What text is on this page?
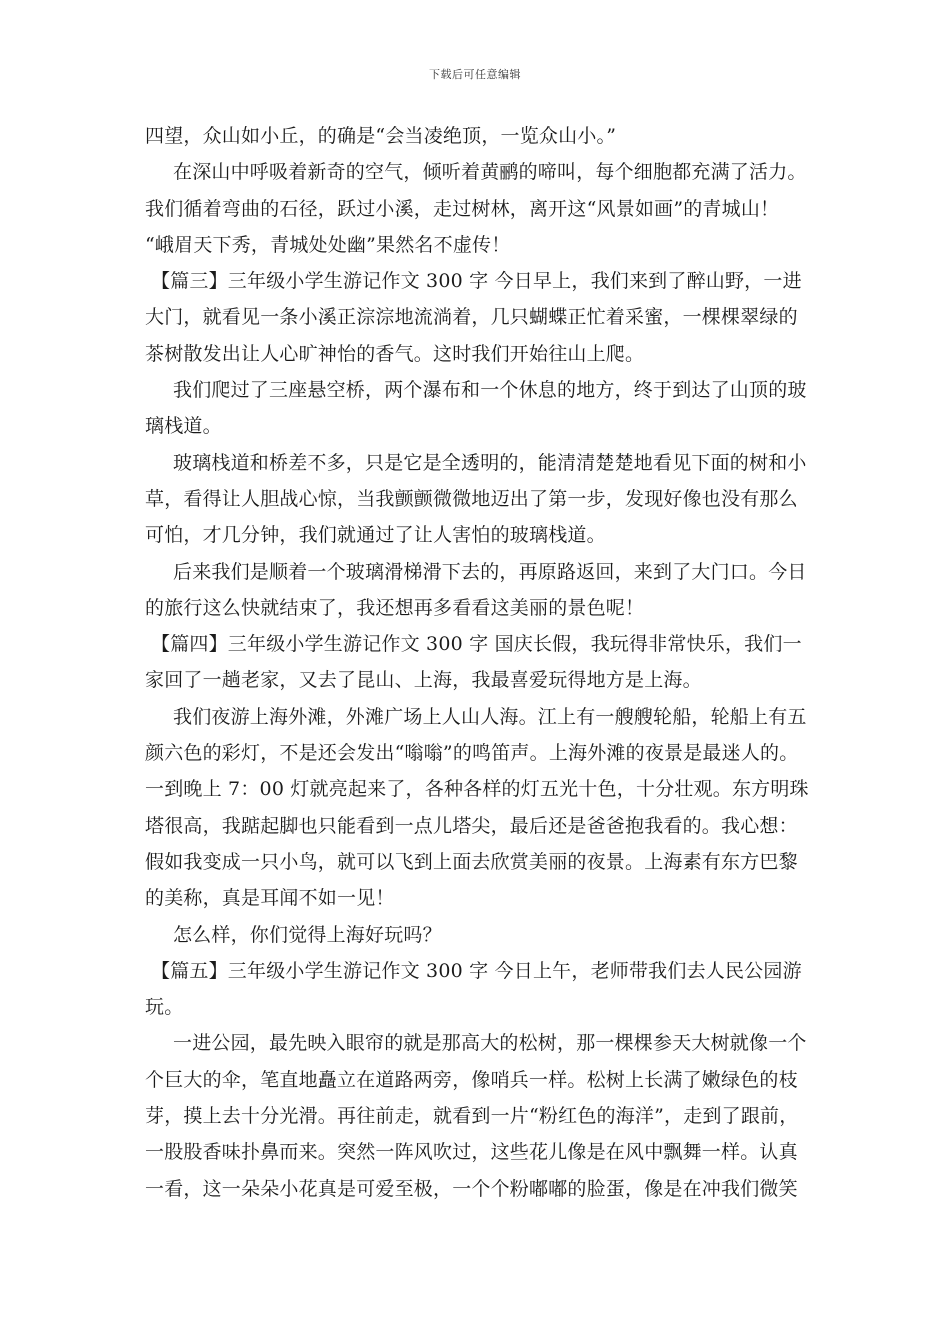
下载后可任意编辑
四望，众山如小丘，的确是“会当凌绝顶，一览众山小。”
在深山中呼吸着新奇的空气，倾听着黄鹂的啼叫，每个细胞都充满了活力。
我们循着弯曲的石径，跃过小溪，走过树林，离开这“风景如画”的青城山！
“峨眉天下秀，青城处处幽”果然名不虚传！
【篇三】三年级小学生游记作文 300 字 今日早上，我们来到了醉山野，一进
大门，就看见一条小溪正淙淙地流淌着，几只蝴蝶正忙着采蜜，一棵棵翠绿的
茶树散发出让人心旷神怡的香气。这时我们开始往山上爬。
我们爬过了三座悬空桥，两个瀑布和一个休息的地方，终于到达了山顶的玻
璃栈道。
玻璃栈道和桥差不多，只是它是全透明的，能清清楚楚地看见下面的树和小
草，看得让人胆战心惊，当我颤颤微微地迈出了第一步，发现好像也没有那么
可怕，才几分钟，我们就通过了让人害怕的玻璃栈道。
后来我们是顺着一个玻璃滑梯滑下去的，再原路返回，来到了大门口。今日
的旅行这么快就结束了，我还想再多看看这美丽的景色呢！
【篇四】三年级小学生游记作文 300 字 国庆长假，我玩得非常快乐，我们一
家回了一趟老家，又去了昆山、上海，我最喜爱玩得地方是上海。
我们夜游上海外滩，外滩广场上人山人海。江上有一艘艘轮船，轮船上有五
颜六色的彩灯，不是还会发出“嗡嗡”的鸣笛声。上海外滩的夜景是最迷人的。
一到晚上 7：00 灯就亮起来了，各种各样的灯五光十色，十分壮观。东方明珠
塔很高，我踮起脚也只能看到一点儿塔尖，最后还是爸爸抱我看的。我心想：
假如我变成一只小鸟，就可以飞到上面去欣赏美丽的夜景。上海素有东方巴黎
的美称，真是耳闻不如一见！
怎么样，你们觉得上海好玩吗？
【篇五】三年级小学生游记作文 300 字 今日上午，老师带我们去人民公园游
玩。
一进公园，最先映入眼帘的就是那高大的松树，那一棵棵参天大树就像一个
个巨大的伞，笔直地矗立在道路两旁，像哨兵一样。松树上长满了嫩绿色的枝
芽，摸上去十分光滑。再往前走，就看到一片“粉红色的海洋”，走到了跟前，
一股股香味扑鼻而来。突然一阵风吹过，这些花儿像是在风中飘舞一样。认真
一看，这一朵朵小花真是可爱至极，一个个粉嘟嘟的脸蛋，像是在冲我们微笑
